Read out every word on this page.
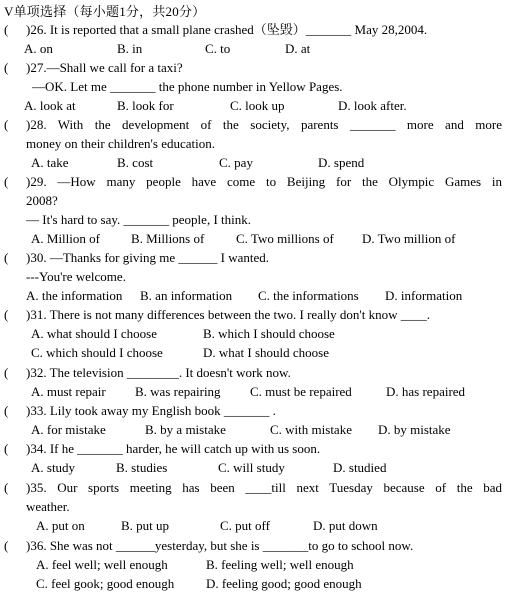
V单项选择（每小题1分，共20分）
( )26. It is reported that a small plane crashed（坠毁）_______ May 28,2004.
A. on	B. in	C. to	D. at
( )27.—Shall we call for a taxi?
—OK. Let me _______ the phone number in Yellow Pages.
A. look at	B. look for	C. look up	D. look after.
( )28. With the development of the society, parents _______ more and more
money on their children's education.
A. take	B. cost	C. pay	D. spend
( )29. —How many people have come to Beijing for the Olympic Games in
2008?
— It's hard to say. _______ people, I think.
A. Million of B. Millions of C. Two millions of D. Two million of
( )30. —Thanks for giving me ______ I wanted.
---You're welcome.
A. the information B. an information C. the informations D. information
( )31. There is not many differences between the two. I really don't know ____.
A. what should I choose	B. which I should choose
C. which should I choose	D. what I should choose
( )32. The television ________. It doesn't work now.
A. must repair B. was repairing C. must be repaired	D. has repaired
( )33. Lily took away my English book _______ .
A. for mistake	B. by a mistake	C. with mistake D. by mistake
( )34. If he _______ harder, he will catch up with us soon.
A. study	B. studies	C. will study	D. studied
( )35. Our sports meeting has been ____till next Tuesday because of the bad
weather.
A. put on	B. put up	C. put off	D. put down
( )36. She was not ______yesterday, but she is _______to go to school now.
A. feel well; well enough	B. feeling well; well enough
C. feel gook; good enough D. feeling good; good enough
